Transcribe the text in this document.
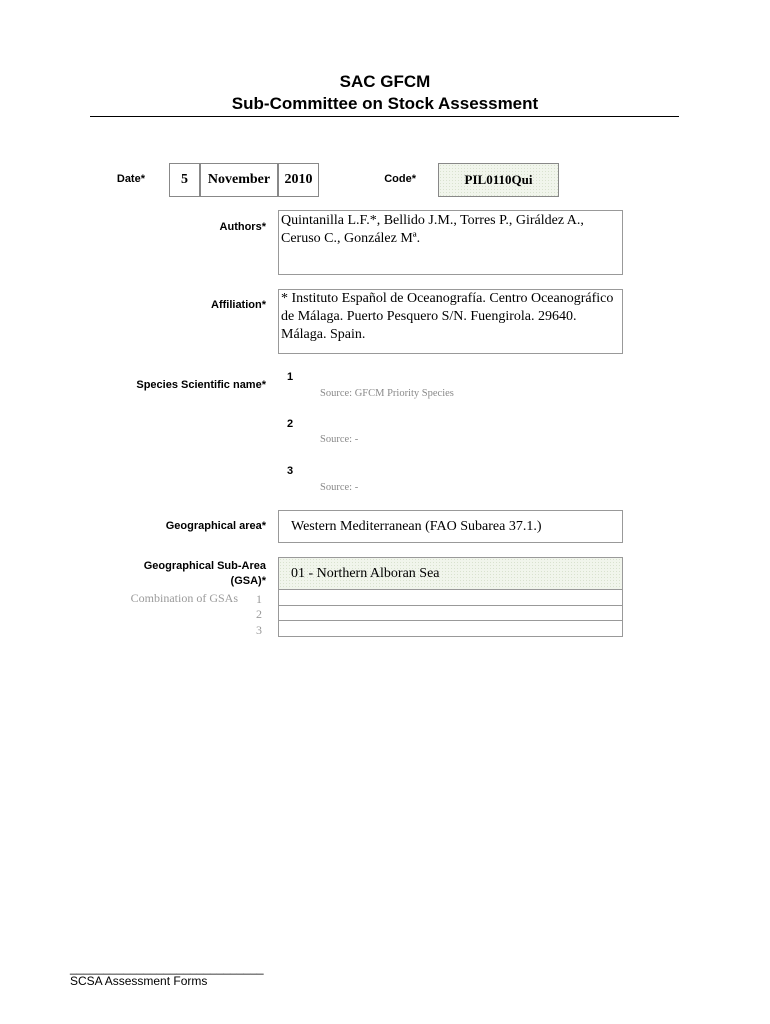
SAC GFCM
Sub-Committee on Stock Assessment
Date*	5	November	2010	Code*	PIL0110Qui
Authors* Quintanilla L.F.*, Bellido J.M., Torres P., Giráldez A., Ceruso C., González Mª.
Affiliation* * Instituto Español de Oceanografía. Centro Oceanográfico de Málaga. Puerto Pesquero S/N. Fuengirola. 29640. Málaga. Spain.
Species Scientific name*
1
Source: GFCM Priority Species
2
Source: -
3
Source: -
Geographical area*	Western Mediterranean (FAO Subarea 37.1.)
Geographical Sub-Area
(GSA)*	01 - Northern Alboran Sea
Combination of GSAs	1
2
3
_____________________________
SCSA Assessment Forms
